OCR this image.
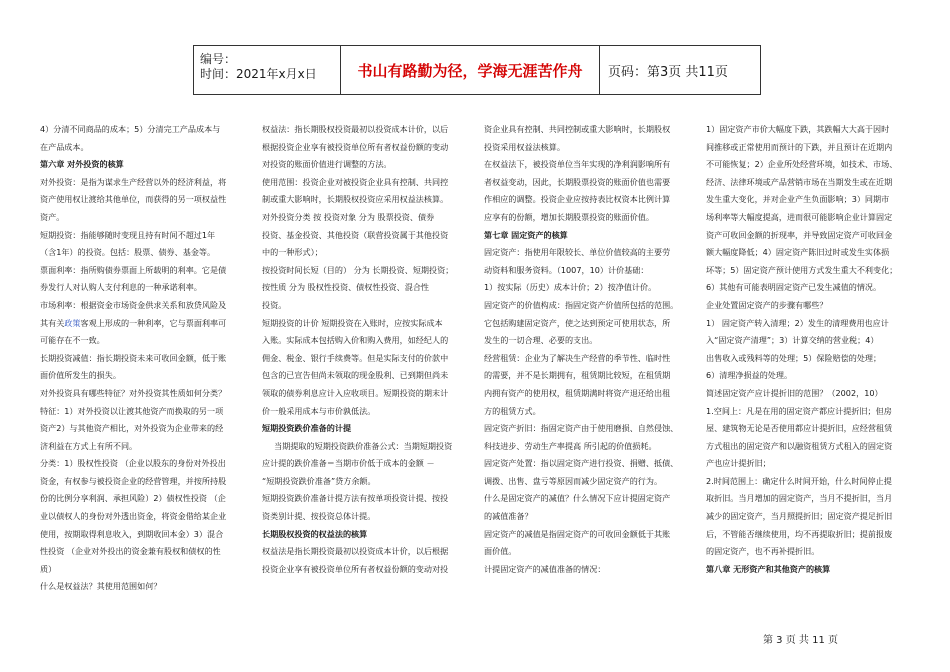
编号：
时间：2021年x月x日	书山有路勤为径，学海无涯苦作舟	页码：第3页 共11页

4）分清不同商品的成本；5）分清完工产品成本与

在产品成本。

第六章 对外投资的核算

对外投资：是指为谋求生产经营以外的经济利益，将

资产使用权让渡给其他单位，而获得的另一项权益性

资产。

短期投资：指能够随时变现且持有时间不超过1年

（含1年）的投资。包括：股票、债券、基金等。

票面利率：指所购债券票面上所载明的利率。它是债

券发行人对认购人支付利息的一种承诺利率。

市场利率：根据资金市场资金供求关系和放贷风险及

其有关政策客观上形成的一种利率，它与票面利率可

可能存在不一致。

长期投资减值：指长期投资未来可收回金额，低于账

面价值所发生的损失。

对外投资具有哪些特征？对外投资其性质如何分类？

特征：1）对外投资以让渡其他资产而换取的另一项

资产2）与其他资产相比，对外投资为企业带来的经

济利益在方式上有所不同。

分类：1）股权性投资 （企业以股东的身份对外投出

资金，有权参与被投资企业的经营管理，并按所持股

份的比例分享利润、承担风险）2）债权性投资 （企

业以债权人的身份对外透出资金，将资金借给某企业

使用，按期取得利息收入，到期收回本金）3）混合

性投资 （企业对外投出的资金兼有股权和债权的性

质）

什么是权益法？其使用范围如何？

权益法：指长期股权投资最初以投资成本计价，以后

根据投资企业享有被投资单位所有者权益份额的变动

对投资的账面价值进行调整的方法。

使用范围：投资企业对被投资企业具有控制、共同控

制或重大影响时，长期股权投资应采用权益法核算。

对外投资分类 按 投资对象 分为 股票投资、债券

投资、基金投资、其他投资（联营投资属于其他投资

中的一种形式）；

按投资时间长短（目的） 分为 长期投资、短期投资；

按性质 分为 股权性投资、债权性投资、混合性

投资。

短期投资的计价 短期投资在入账时，应按实际成本

入账。实际成本包括购入价和购入费用，如经纪人的

佣金、税金、银行手续费等。但是实际支付的价款中

包含的已宣告但尚未领取的现金股利、已到期但尚未

领取的债券利息应计入应收项目。短期投资的期末计

价一般采用成本与市价孰低法。

短期投资跌价准备的计提

当期提取的短期投资跌价准备公式：当期短期投资

应计提的跌价准备＝当期市价低于成本的金额 －

“短期投资跌价准备”贷方余额。

短期投资跌价准备计提方法有按单项投资计提、按投

资类别计提、按投资总体计提。

长期股权投资的权益法的核算

权益法是指长期投资最初以投资成本计价，以后根据

投资企业享有被投资单位所有者权益份额的变动对投

资企业具有控制、共同控制或重大影响时，长期股权

投资采用权益法核算。

在权益法下，被投资单位当年实现的净利润影响所有

者权益变动，因此，长期股票投资的账面价值也需要

作相应的调整。投资企业应按持表比权资本比例计算

应享有的份额，增加长期股票投资的账面价值。

第七章 固定资产的核算

固定资产：指使用年限较长、单位价值较高的主要劳

动资料和服务资料。（1007，10）计价基础：

1）按实际（历史）成本计价；2）按净值计价。

固定资产的价值构成：指固定资产价值所包括的范围。

它包括购建固定资产，使之达到预定可使用状态，所

发生的一切合理、必要的支出。

经营租赁：企业为了解决生产经营的季节性、临时性

的需要，并不是长期拥有，租赁期比较短，在租赁期

内拥有资产的使用权，租赁期满时将资产退还给出租

方的租赁方式。

固定资产折旧：指固定资产由于使用磨损、自然侵蚀、

科技进步、劳动生产率提高 所引起的价值损耗。

固定资产处置：指以固定资产进行投资、捐赠、抵债、

调拨、出售、盘亏等原因而减少固定资产的行为。

什么是固定资产的减值？什么情况下应计提固定资产

的减值准备？

固定资产的减值是指固定资产的可收回金额低于其账

面价值。

计提固定资产的减值准备的情况：

1）固定资产市价大幅度下跌，其跌幅大大高于因时

间推移或正常使用而预计的下跌，并且预计在近期内

不可能恢复；2）企业所处经营环境，如技术、市场、

经济、法律环境或产品营销市场在当期发生或在近期

发生重大变化，并对企业产生负面影响；3）同期市

场利率等大幅度提高，进而很可能影响企业计算固定

资产可收回金额的折现率，并导致固定资产可收回金

额大幅度降低；4）固定资产陈旧过时或发生实体损

坏等；5）固定资产预计使用方式发生重大不利变化；

6）其他有可能表明固定资产已发生减值的情况。

企业处置固定资产的步骤有哪些？

1） 固定资产转入清理；2）发生的清理费用也应计

入“固定资产清理”；3）计算交纳的营业税；4）

出售收入或残料等的处理；5）保险赔偿的处理；

6）清理净损益的处理。

简述固定资产应计提折旧的范围？（2002，10）

1.空间上：凡是在用的固定资产都应计提折旧；但房

屋、建筑物无论是否使用都应计提折旧，应经营租赁

方式租出的固定资产和以融资租赁方式租入的固定资

产也应计提折旧；

2.时间范围上：确定什么时间开始，什么时间停止提

取折旧。当月增加的固定资产，当月不提折旧，当月

减少的固定资产，当月照提折旧；固定资产提足折旧

后，不管能否继续使用，均不再提取折旧；提前报废

的固定资产，也不再补提折旧。

第八章 无形资产和其他资产的核算

第 3 页 共 11 页
